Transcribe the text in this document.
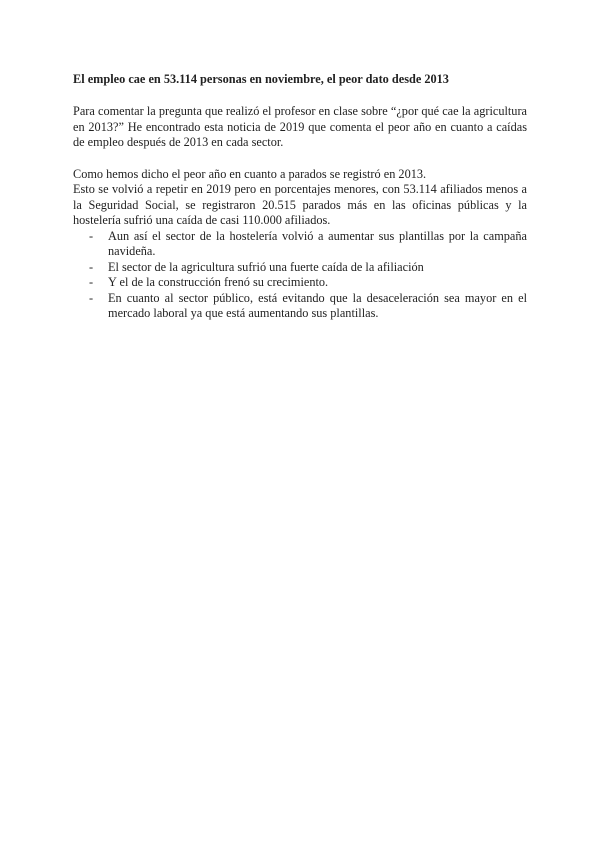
El empleo cae en 53.114 personas en noviembre, el peor dato desde 2013

Para comentar la pregunta que realizó el profesor en clase sobre “¿por qué cae la agricultura en 2013?” He encontrado esta noticia de 2019 que comenta el peor año en cuanto a caídas de empleo después de 2013 en cada sector.

Como hemos dicho el peor año en cuanto a parados se registró en 2013.

Esto se volvió a repetir en 2019 pero en porcentajes menores, con 53.114 afiliados menos a la Seguridad Social, se registraron 20.515 parados más en las oficinas públicas y la hostelería sufrió una caída de casi 110.000 afiliados.

- Aun así el sector de la hostelería volvió a aumentar sus plantillas por la campaña navideña.
- El sector de la agricultura sufrió una fuerte caída de la afiliación
- Y el de la construcción frenó su crecimiento.
- En cuanto al sector público, está evitando que la desaceleración sea mayor en el mercado laboral ya que está aumentando sus plantillas.
